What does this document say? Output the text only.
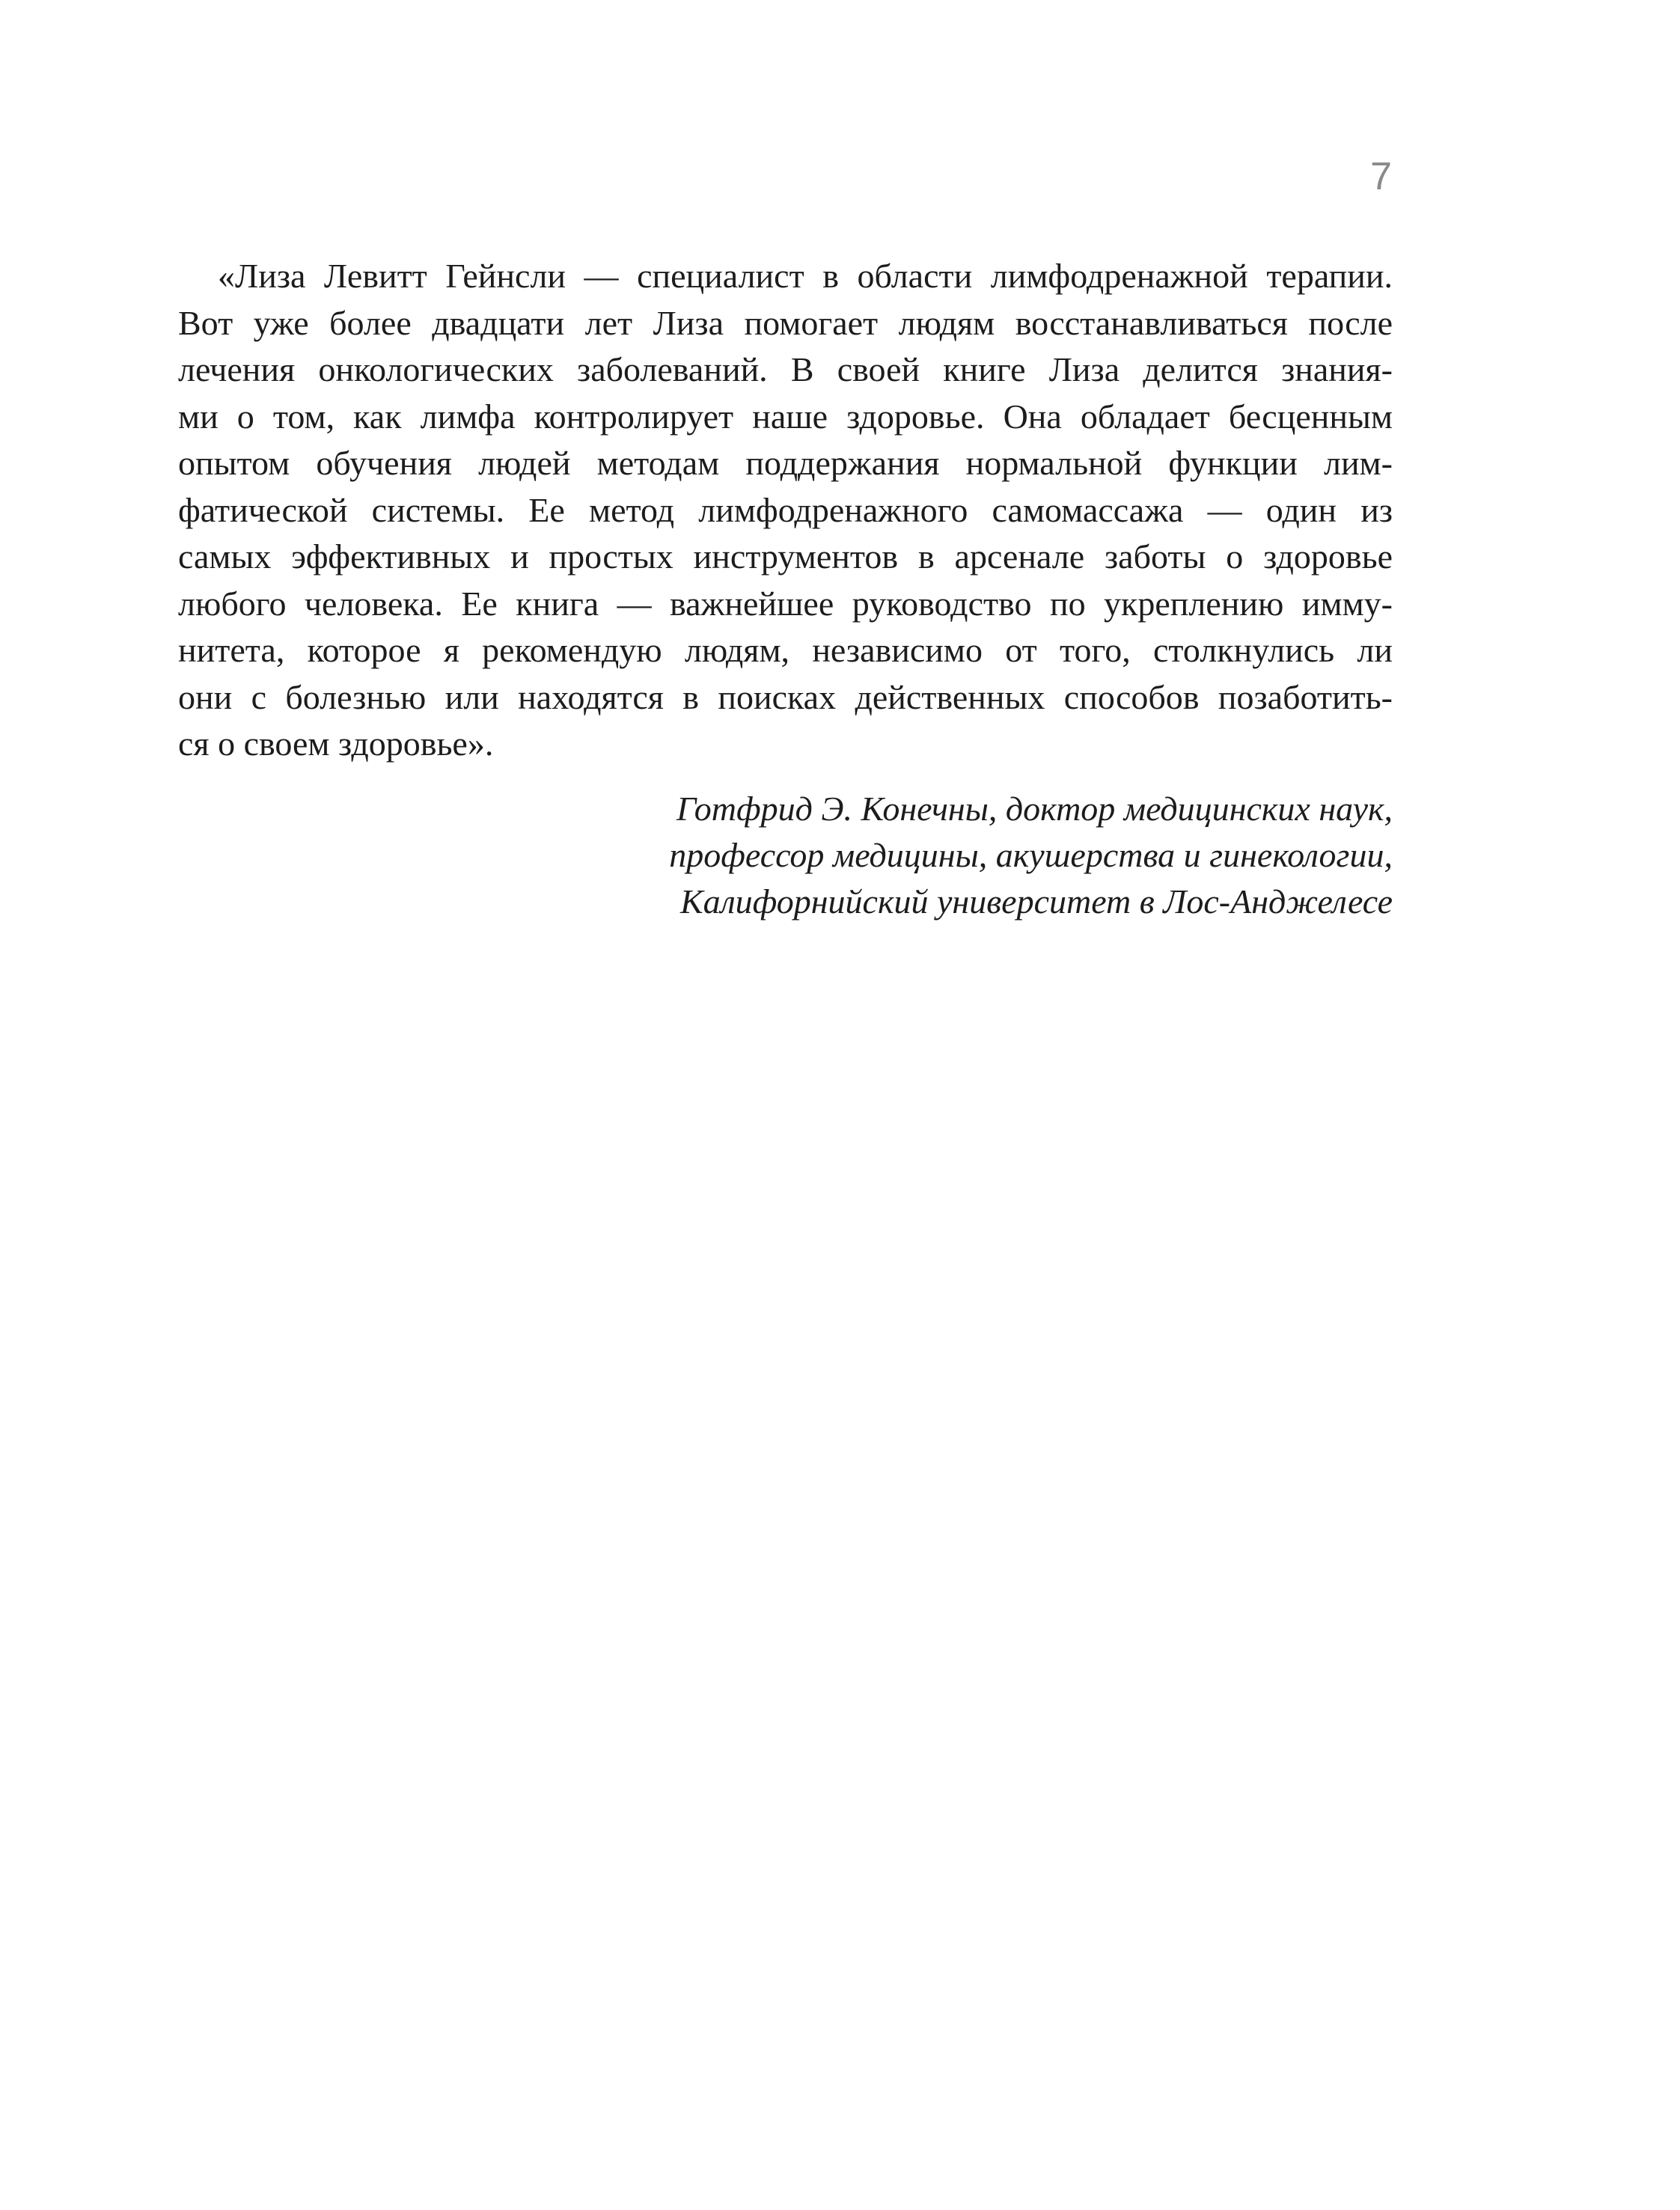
7
«Лиза Левитт Гейнсли — специалист в области лимфодренажной терапии.
Вот уже более двадцати лет Лиза помогает людям восстанавливаться после
лечения онкологических заболеваний. В своей книге Лиза делится знания-
ми о том, как лимфа контролирует наше здоровье. Она обладает бесценным
опытом обучения людей методам поддержания нормальной функции лим-
фатической системы. Ее метод лимфодренажного самомассажа — один из
самых эффективных и простых инструментов в арсенале заботы о здоровье
любого человека. Ее книга — важнейшее руководство по укреплению имму-
нитета, которое я рекомендую людям, независимо от того, столкнулись ли
они с болезнью или находятся в поисках действенных способов позаботить-
ся о своем здоровье».
Готфрид Э. Конечны, доктор медицинских наук,
профессор медицины, акушерства и гинекологии,
Калифорнийский университет в Лос-Анджелесе
